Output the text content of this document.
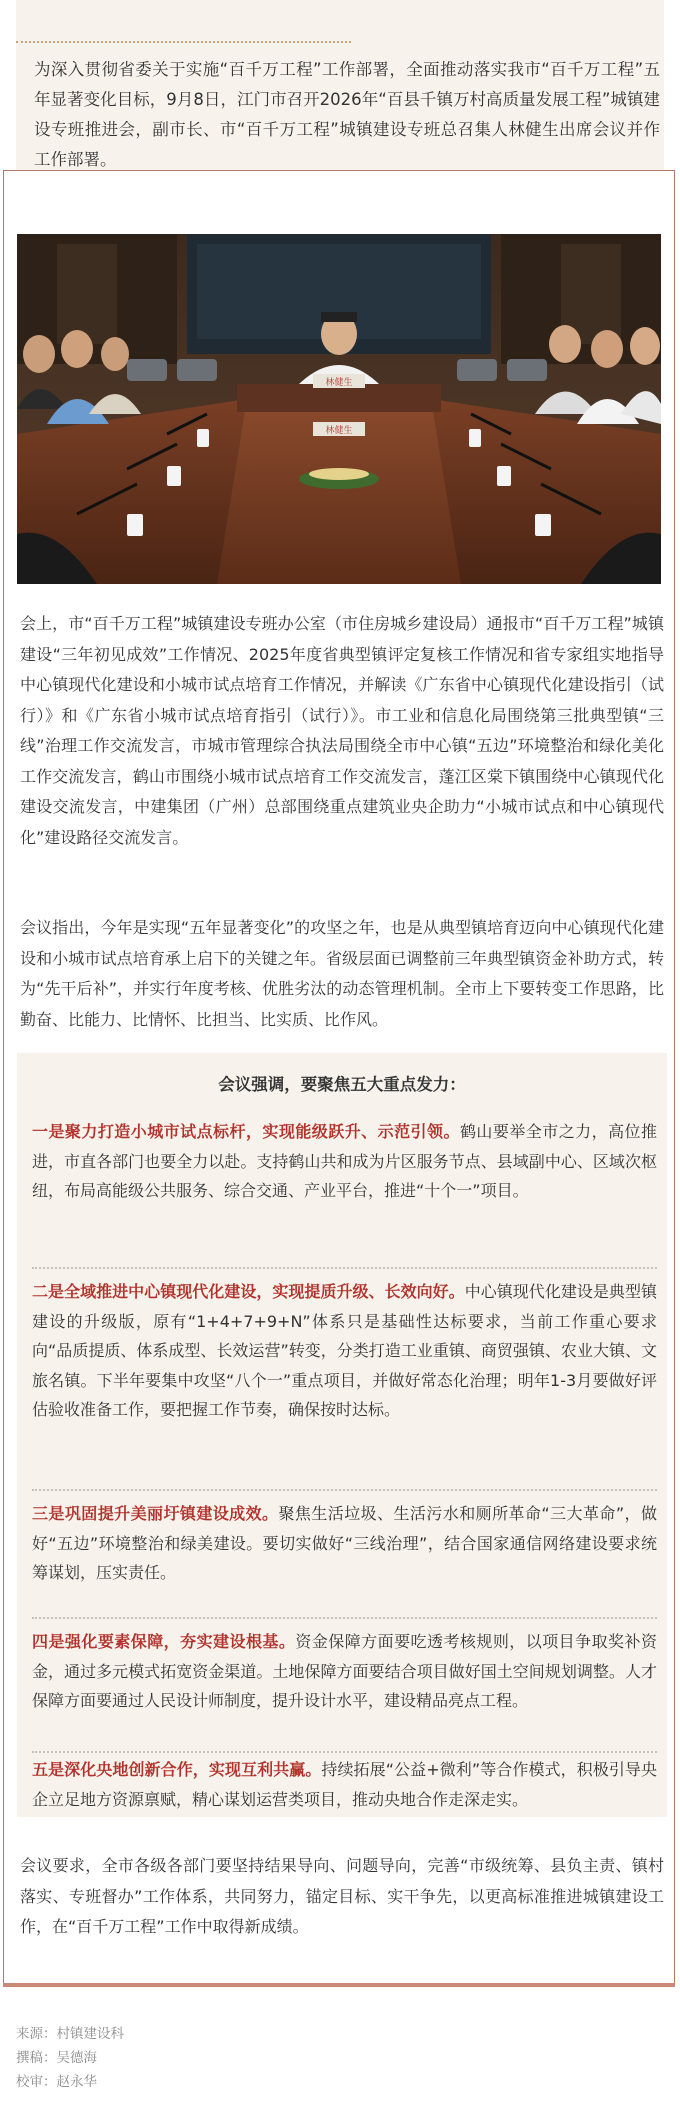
为深入贯彻省委关于实施“百千万工程”工作部署，全面推动落实我市“百千万工程”五年显著变化目标，9月8日，江门市召开2026年“百县千镇万村高质量发展工程”城镇建设专班推进会，副市长、市“百千万工程”城镇建设专班总召集人林健生出席会议并作工作部署。

林健生
林健生

会上，市“百千万工程”城镇建设专班办公室（市住房城乡建设局）通报市“百千万工程”城镇建设“三年初见成效”工作情况、2025年度省典型镇评定复核工作情况和省专家组实地指导中心镇现代化建设和小城市试点培育工作情况，并解读《广东省中心镇现代化建设指引（试行）》和《广东省小城市试点培育指引（试行）》。市工业和信息化局围绕第三批典型镇“三线”治理工作交流发言，市城市管理综合执法局围绕全市中心镇“五边”环境整治和绿化美化工作交流发言，鹤山市围绕小城市试点培育工作交流发言，蓬江区棠下镇围绕中心镇现代化建设交流发言，中建集团（广州）总部围绕重点建筑业央企助力“小城市试点和中心镇现代化”建设路径交流发言。

会议指出，今年是实现“五年显著变化”的攻坚之年，也是从典型镇培育迈向中心镇现代化建设和小城市试点培育承上启下的关键之年。省级层面已调整前三年典型镇资金补助方式，转为“先干后补”，并实行年度考核、优胜劣汰的动态管理机制。全市上下要转变工作思路，比勤奋、比能力、比情怀、比担当、比实质、比作风。

会议强调，要聚焦五大重点发力：

一是聚力打造小城市试点标杆，实现能级跃升、示范引领。鹤山要举全市之力，高位推进，市直各部门也要全力以赴。支持鹤山共和成为片区服务节点、县域副中心、区域次枢纽，布局高能级公共服务、综合交通、产业平台，推进“十个一”项目。

二是全域推进中心镇现代化建设，实现提质升级、长效向好。中心镇现代化建设是典型镇建设的升级版，原有“1+4+7+9+N”体系只是基础性达标要求，当前工作重心要求向“品质提质、体系成型、长效运营”转变，分类打造工业重镇、商贸强镇、农业大镇、文旅名镇。下半年要集中攻坚“八个一”重点项目，并做好常态化治理；明年1-3月要做好评估验收准备工作，要把握工作节奏，确保按时达标。

三是巩固提升美丽圩镇建设成效。聚焦生活垃圾、生活污水和厕所革命“三大革命”，做好“五边”环境整治和绿美建设。要切实做好“三线治理”，结合国家通信网络建设要求统筹谋划，压实责任。

四是强化要素保障，夯实建设根基。资金保障方面要吃透考核规则，以项目争取奖补资金，通过多元模式拓宽资金渠道。土地保障方面要结合项目做好国土空间规划调整。人才保障方面要通过人民设计师制度，提升设计水平，建设精品亮点工程。

五是深化央地创新合作，实现互利共赢。持续拓展“公益+微利”等合作模式，积极引导央企立足地方资源禀赋，精心谋划运营类项目，推动央地合作走深走实。

会议要求，全市各级各部门要坚持结果导向、问题导向，完善“市级统筹、县负主责、镇村落实、专班督办”工作体系，共同努力，锚定目标、实干争先，以更高标准推进城镇建设工作，在“百千万工程”工作中取得新成绩。

来源：村镇建设科
撰稿：吴德海
校审：赵永华
